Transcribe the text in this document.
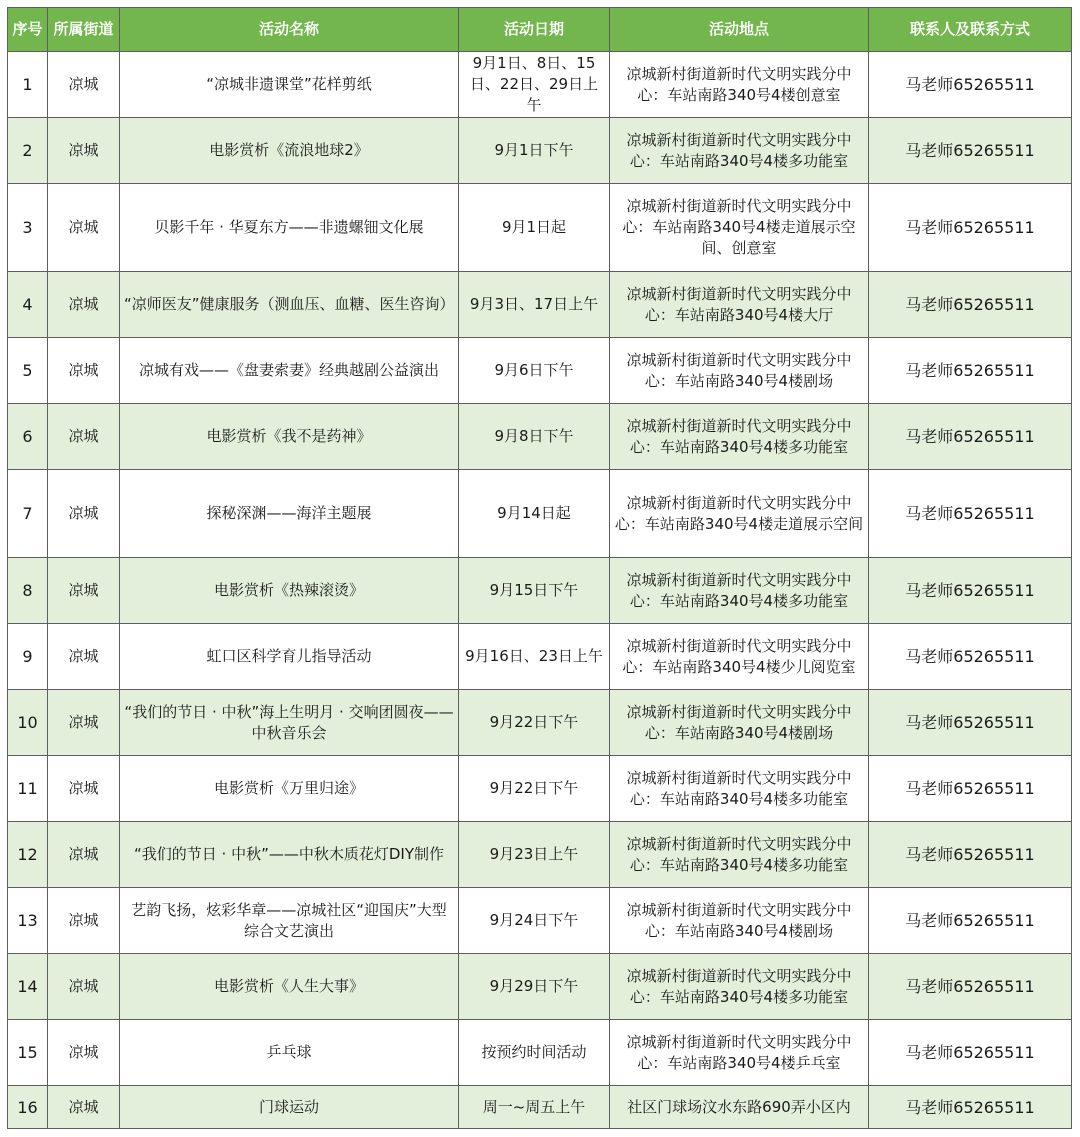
序号	所属街道	活动名称	活动日期	活动地点	联系人及联系方式
1	凉城	“凉城非遗课堂”花样剪纸	9月1日、8日、15日、22日、29日上午	凉城新村街道新时代文明实践分中心：车站南路340号4楼创意室	马老师65265511
2	凉城	电影赏析《流浪地球2》	9月1日下午	凉城新村街道新时代文明实践分中心：车站南路340号4楼多功能室	马老师65265511
3	凉城	贝影千年 · 华夏东方——非遗螺钿文化展	9月1日起	凉城新村街道新时代文明实践分中心：车站南路340号4楼走道展示空间、创意室	马老师65265511
4	凉城	“凉师医友”健康服务（测血压、血糖、医生咨询）	9月3日、17日上午	凉城新村街道新时代文明实践分中心：车站南路340号4楼大厅	马老师65265511
5	凉城	凉城有戏——《盘妻索妻》经典越剧公益演出	9月6日下午	凉城新村街道新时代文明实践分中心：车站南路340号4楼剧场	马老师65265511
6	凉城	电影赏析《我不是药神》	9月8日下午	凉城新村街道新时代文明实践分中心：车站南路340号4楼多功能室	马老师65265511
7	凉城	探秘深渊——海洋主题展	9月14日起	凉城新村街道新时代文明实践分中心：车站南路340号4楼走道展示空间	马老师65265511
8	凉城	电影赏析《热辣滚烫》	9月15日下午	凉城新村街道新时代文明实践分中心：车站南路340号4楼多功能室	马老师65265511
9	凉城	虹口区科学育儿指导活动	9月16日、23日上午	凉城新村街道新时代文明实践分中心：车站南路340号4楼少儿阅览室	马老师65265511
10	凉城	“我们的节日 · 中秋”海上生明月 · 交响团圆夜——中秋音乐会	9月22日下午	凉城新村街道新时代文明实践分中心：车站南路340号4楼剧场	马老师65265511
11	凉城	电影赏析《万里归途》	9月22日下午	凉城新村街道新时代文明实践分中心：车站南路340号4楼多功能室	马老师65265511
12	凉城	“我们的节日 · 中秋”——中秋木质花灯DIY制作	9月23日上午	凉城新村街道新时代文明实践分中心：车站南路340号4楼多功能室	马老师65265511
13	凉城	艺韵飞扬，炫彩华章——凉城社区“迎国庆”大型综合文艺演出	9月24日下午	凉城新村街道新时代文明实践分中心：车站南路340号4楼剧场	马老师65265511
14	凉城	电影赏析《人生大事》	9月29日下午	凉城新村街道新时代文明实践分中心：车站南路340号4楼多功能室	马老师65265511
15	凉城	乒乓球	按预约时间活动	凉城新村街道新时代文明实践分中心：车站南路340号4楼乒乓室	马老师65265511
16	凉城	门球运动	周一~周五上午	社区门球场汶水东路690弄小区内	马老师65265511
